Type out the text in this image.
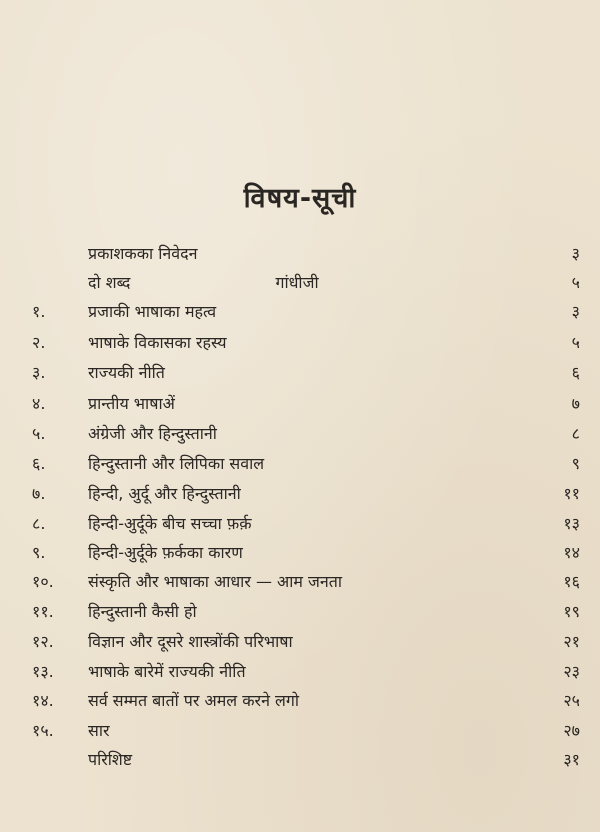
विषय-सूची
प्रकाशकका निवेदन	३
दो शब्द	गांधीजी	५
१.	प्रजाकी भाषाका महत्व	३
२.	भाषाके विकासका रहस्य	५
३.	राज्यकी नीति	६
४.	प्रान्तीय भाषाअें	७
५.	अंग्रेजी और हिन्दुस्तानी	८
६.	हिन्दुस्तानी और लिपिका सवाल	९
७.	हिन्दी, अुर्दू और हिन्दुस्तानी	११
८.	हिन्दी-अुर्दूके बीच सच्चा फ़र्क़	१३
९.	हिन्दी-अुर्दूके फ़र्कका कारण	१४
१०.	संस्कृति और भाषाका आधार — आम जनता	१६
११.	हिन्दुस्तानी कैसी हो	१९
१२.	विज्ञान और दूसरे शास्त्रोंकी परिभाषा	२१
१३.	भाषाके बारेमें राज्यकी नीति	२३
१४.	सर्व सम्मत बातों पर अमल करने लगो	२५
१५.	सार	२७
परिशिष्ट	३१
